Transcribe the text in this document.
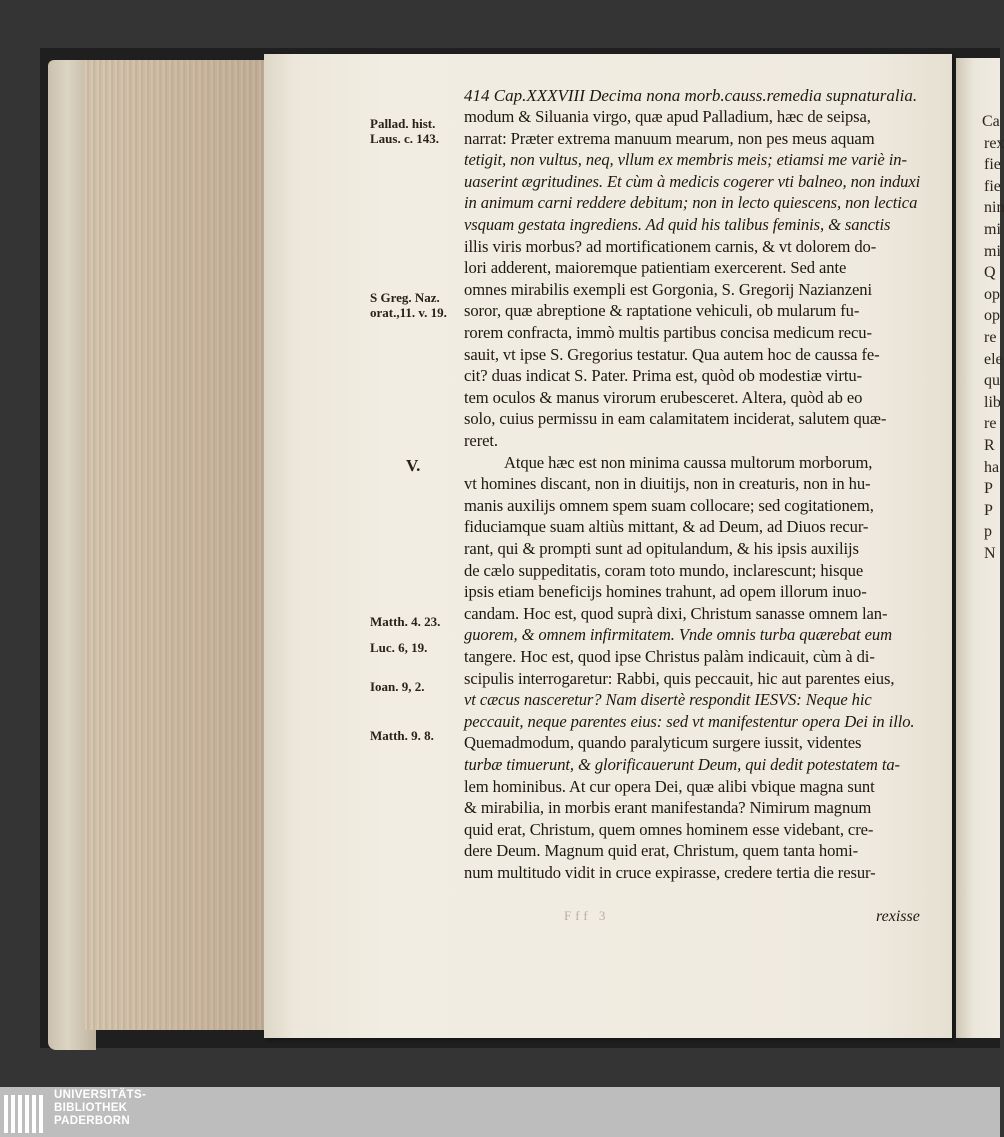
Ca
rex
fie
fie
nin
mi
mi
Q
op
op
re
ele
qu
lib
re
R
ha
P
P
p
N
414 Cap.XXXVIII Decima nona morb.causs.remedia supnaturalia.
Pallad. hist.
Laus. c. 143.
S Greg. Naz.
orat.,11. v. 19.
V.
Matth. 4. 23.
Luc. 6, 19.
Ioan. 9, 2.
Matth. 9. 8.
modum & Siluania virgo, quæ apud Palladium, hæc de seipsa,
narrat: Præter extrema manuum mearum, non pes meus aquam
tetigit, non vultus, neq, vllum ex membris meis; etiamsi me variè in-
uaserint ægritudines. Et cùm à medicis cogerer vti balneo, non induxi
in animum carni reddere debitum; non in lecto quiescens, non lectica
vsquam gestata ingrediens. Ad quid his talibus feminis, & sanctis
illis viris morbus? ad mortificationem carnis, & vt dolorem do-
lori adderent, maioremque patientiam exercerent. Sed ante
omnes mirabilis exempli est Gorgonia, S. Gregorij Nazianzeni
soror, quæ abreptione & raptatione vehiculi, ob mularum fu-
rorem confracta, immò multis partibus concisa medicum recu-
sauit, vt ipse S. Gregorius testatur. Qua autem hoc de caussa fe-
cit? duas indicat S. Pater. Prima est, quòd ob modestiæ virtu-
tem oculos & manus virorum erubesceret. Altera, quòd ab eo
solo, cuius permissu in eam calamitatem inciderat, salutem quæ-
reret.
Atque hæc est non minima caussa multorum morborum,
vt homines discant, non in diuitijs, non in creaturis, non in hu-
manis auxilijs omnem spem suam collocare; sed cogitationem,
fiduciamque suam altiùs mittant, & ad Deum, ad Diuos recur-
rant, qui & prompti sunt ad opitulandum, & his ipsis auxilijs
de cælo suppeditatis, coram toto mundo, inclarescunt; hisque
ipsis etiam beneficijs homines trahunt, ad opem illorum inuo-
candam. Hoc est, quod suprà dixi, Christum sanasse omnem lan-
guorem, & omnem infirmitatem. Vnde omnis turba quærebat eum
tangere. Hoc est, quod ipse Christus palàm indicauit, cùm à di-
scipulis interrogaretur: Rabbi, quis peccauit, hic aut parentes eius,
vt cæcus nasceretur? Nam disertè respondit IESVS: Neque hic
peccauit, neque parentes eius: sed vt manifestentur opera Dei in illo.
Quemadmodum, quando paralyticum surgere iussit, videntes
turbæ timuerunt, & glorificauerunt Deum, qui dedit potestatem ta-
lem hominibus. At cur opera Dei, quæ alibi vbique magna sunt
& mirabilia, in morbis erant manifestanda? Nimirum magnum
quid erat, Christum, quem omnes hominem esse videbant, cre-
dere Deum. Magnum quid erat, Christum, quem tanta homi-
num multitudo vidit in cruce expirasse, credere tertia die resur-
Fff 3	rexisse
UNIVERSITÄTS-
BIBLIOTHEK
PADERBORN
